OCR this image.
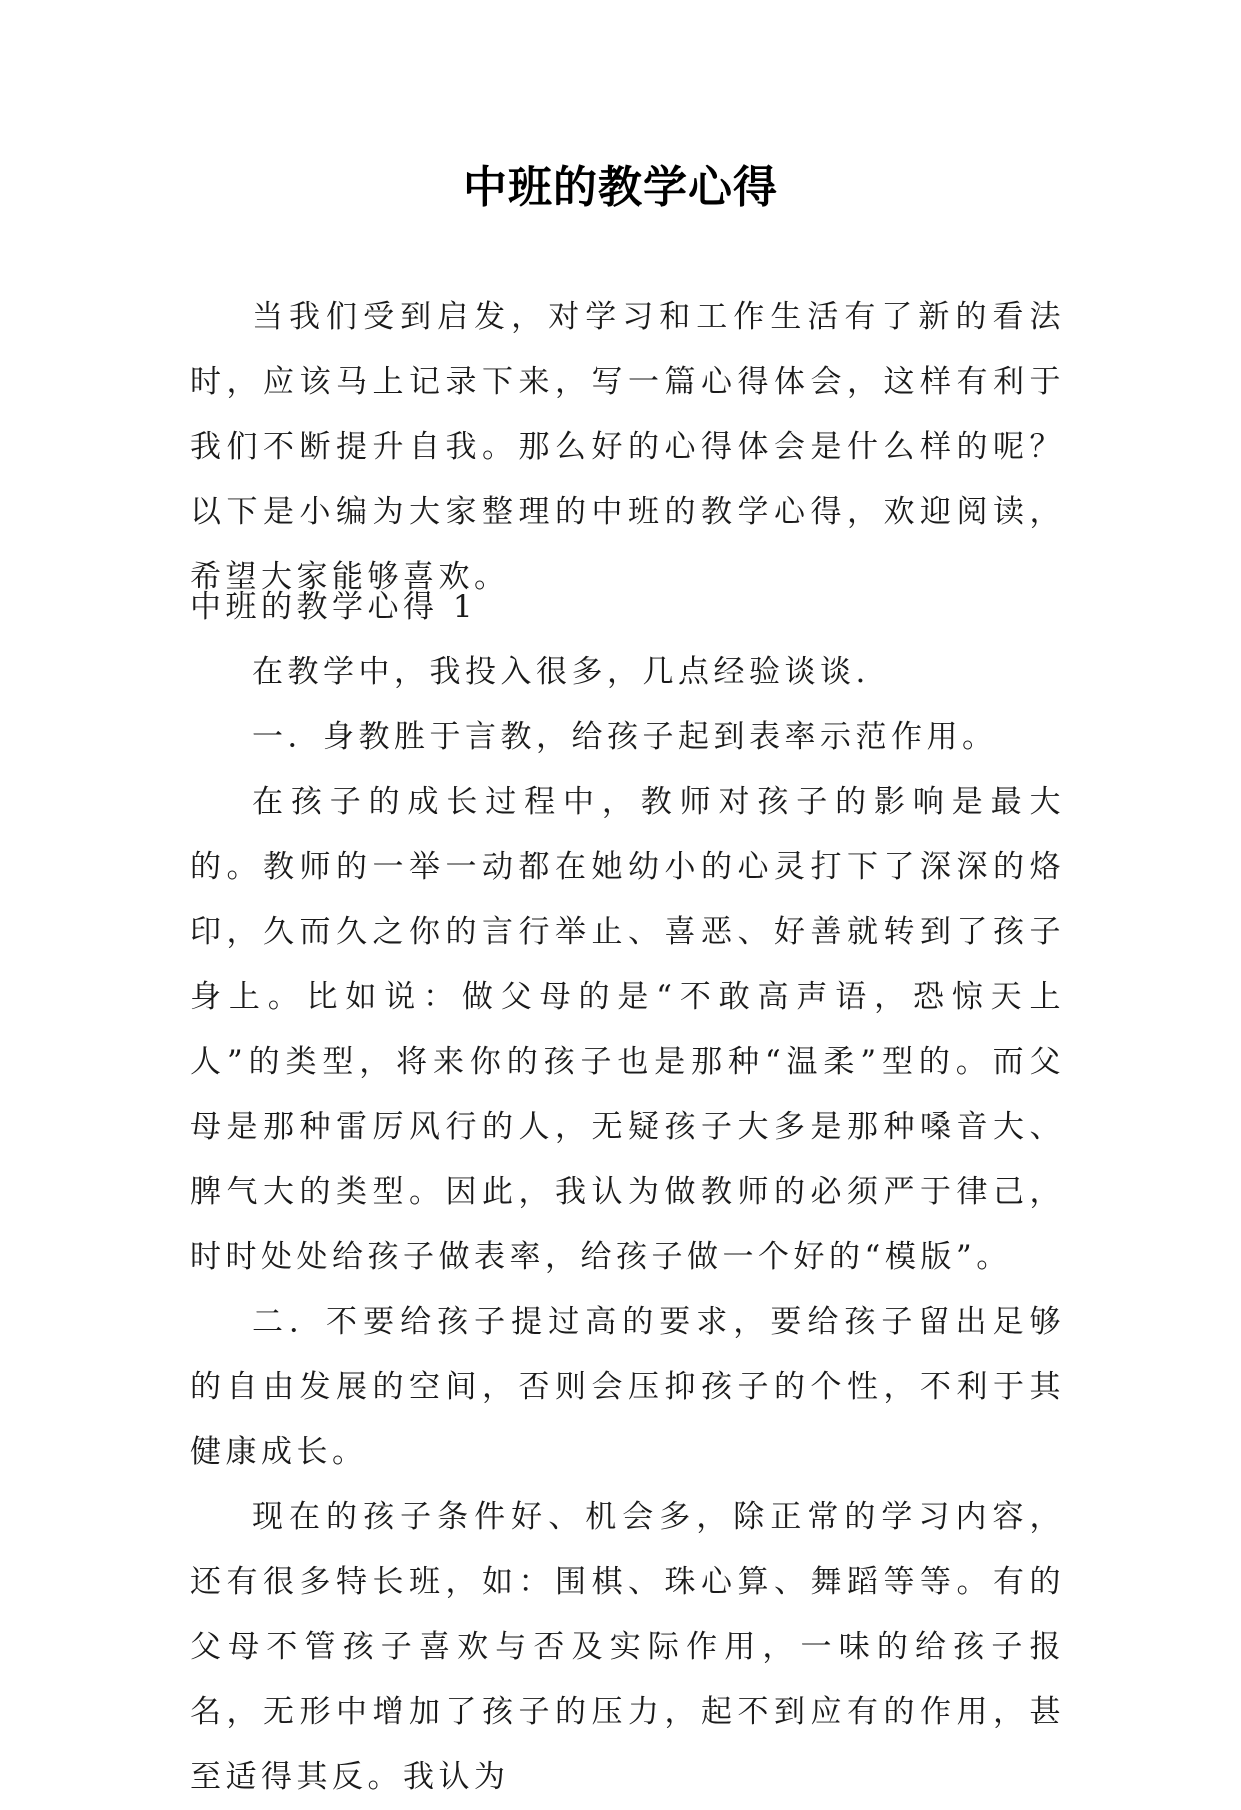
中班的教学心得

当我们受到启发，对学习和工作生活有了新的看法时，应该马上记录下来，写一篇心得体会，这样有利于我们不断提升自我。那么好的心得体会是什么样的呢？以下是小编为大家整理的中班的教学心得，欢迎阅读，希望大家能够喜欢。

中班的教学心得 1

在教学中，我投入很多，几点经验谈谈.

一．身教胜于言教，给孩子起到表率示范作用。

在孩子的成长过程中，教师对孩子的影响是最大的。教师的一举一动都在她幼小的心灵打下了深深的烙印，久而久之你的言行举止、喜恶、好善就转到了孩子身上。比如说：做父母的是“不敢高声语，恐惊天上人”的类型，将来你的孩子也是那种“温柔”型的。而父母是那种雷厉风行的人，无疑孩子大多是那种嗓音大、脾气大的类型。因此，我认为做教师的必须严于律己，时时处处给孩子做表率，给孩子做一个好的“模版”。

二．不要给孩子提过高的要求，要给孩子留出足够的自由发展的空间，否则会压抑孩子的个性，不利于其健康成长。

现在的孩子条件好、机会多，除正常的学习内容，还有很多特长班，如：围棋、珠心算、舞蹈等等。有的父母不管孩子喜欢与否及实际作用，一味的给孩子报名，无形中增加了孩子的压力，起不到应有的作用，甚至适得其反。我认为
